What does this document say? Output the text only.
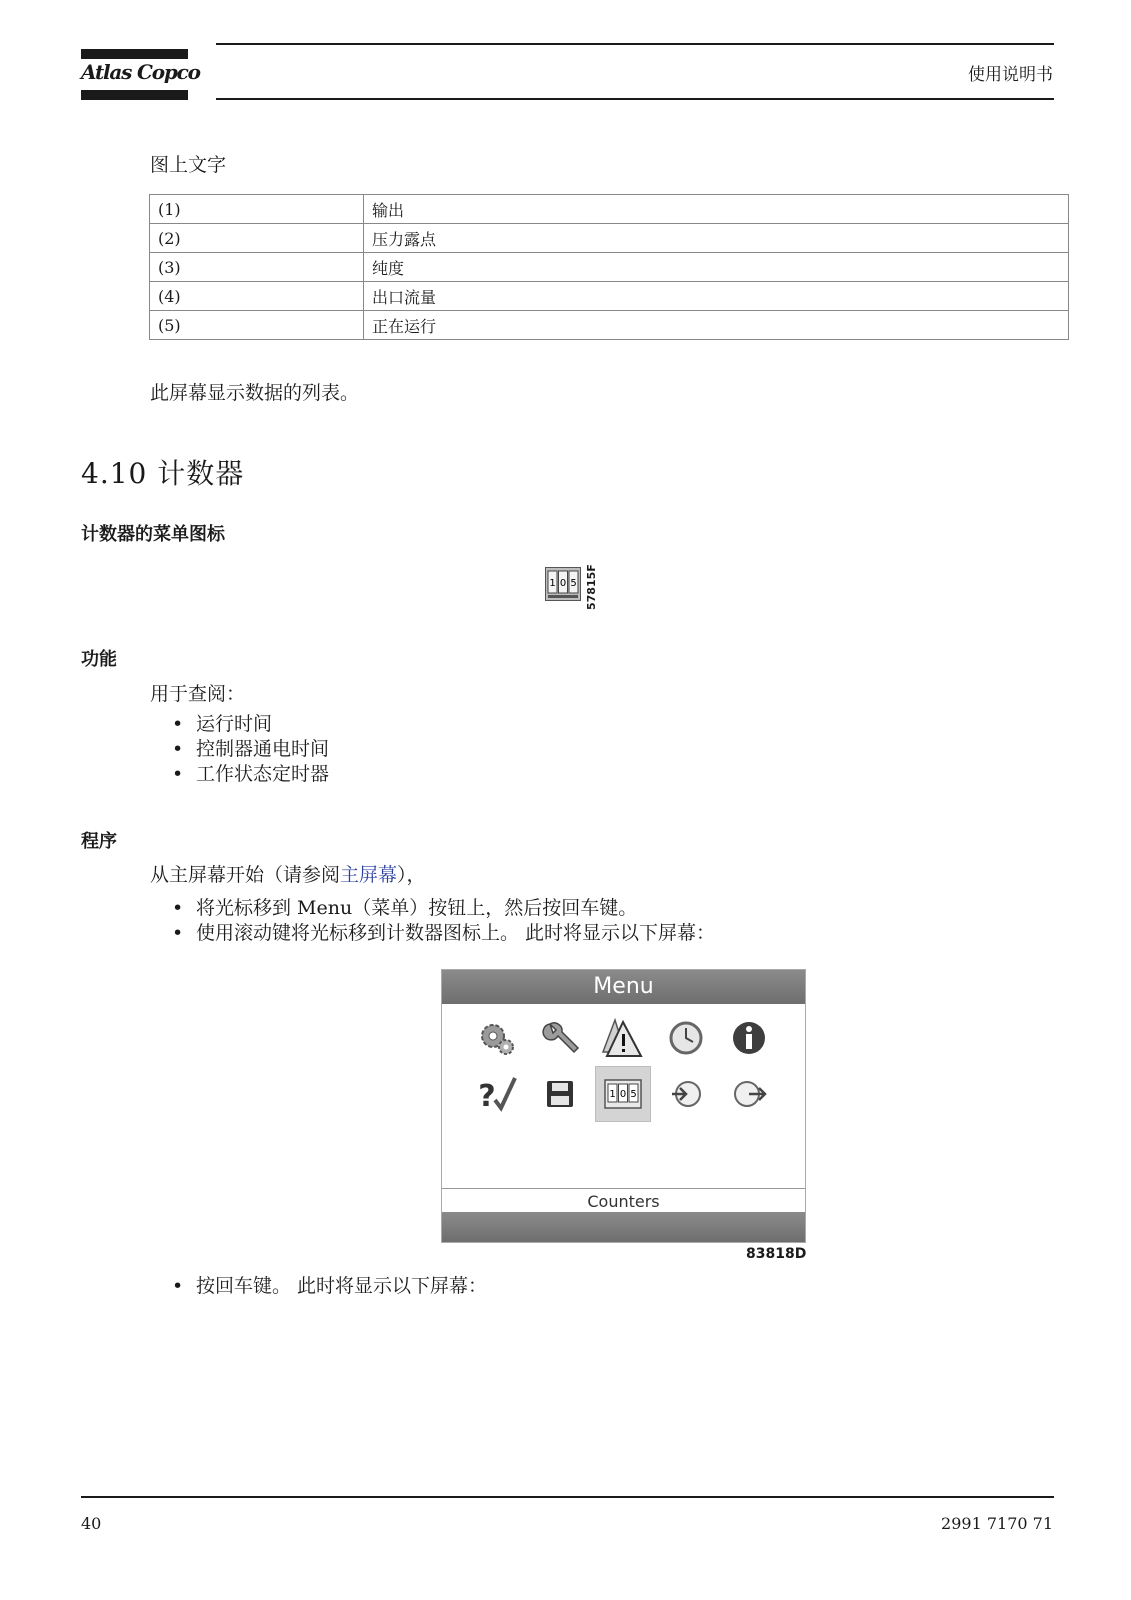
Atlas Copco	使用说明书
图上文字
(1)	输出
(2)	压力露点
(3)	纯度
(4)	出口流量
(5)	正在运行
此屏幕显示数据的列表。
4.10 计数器
计数器的菜单图标
1 0 5 57815F
功能
用于查阅：
• 运行时间
• 控制器通电时间
• 工作状态定时器
程序
从主屏幕开始（请参阅主屏幕），
• 将光标移到 Menu（菜单）按钮上，然后按回车键。
• 使用滚动键将光标移到计数器图标上。 此时将显示以下屏幕：
Menu
?	1 0 5
Counters
83818D
• 按回车键。 此时将显示以下屏幕：
40	2991 7170 71
